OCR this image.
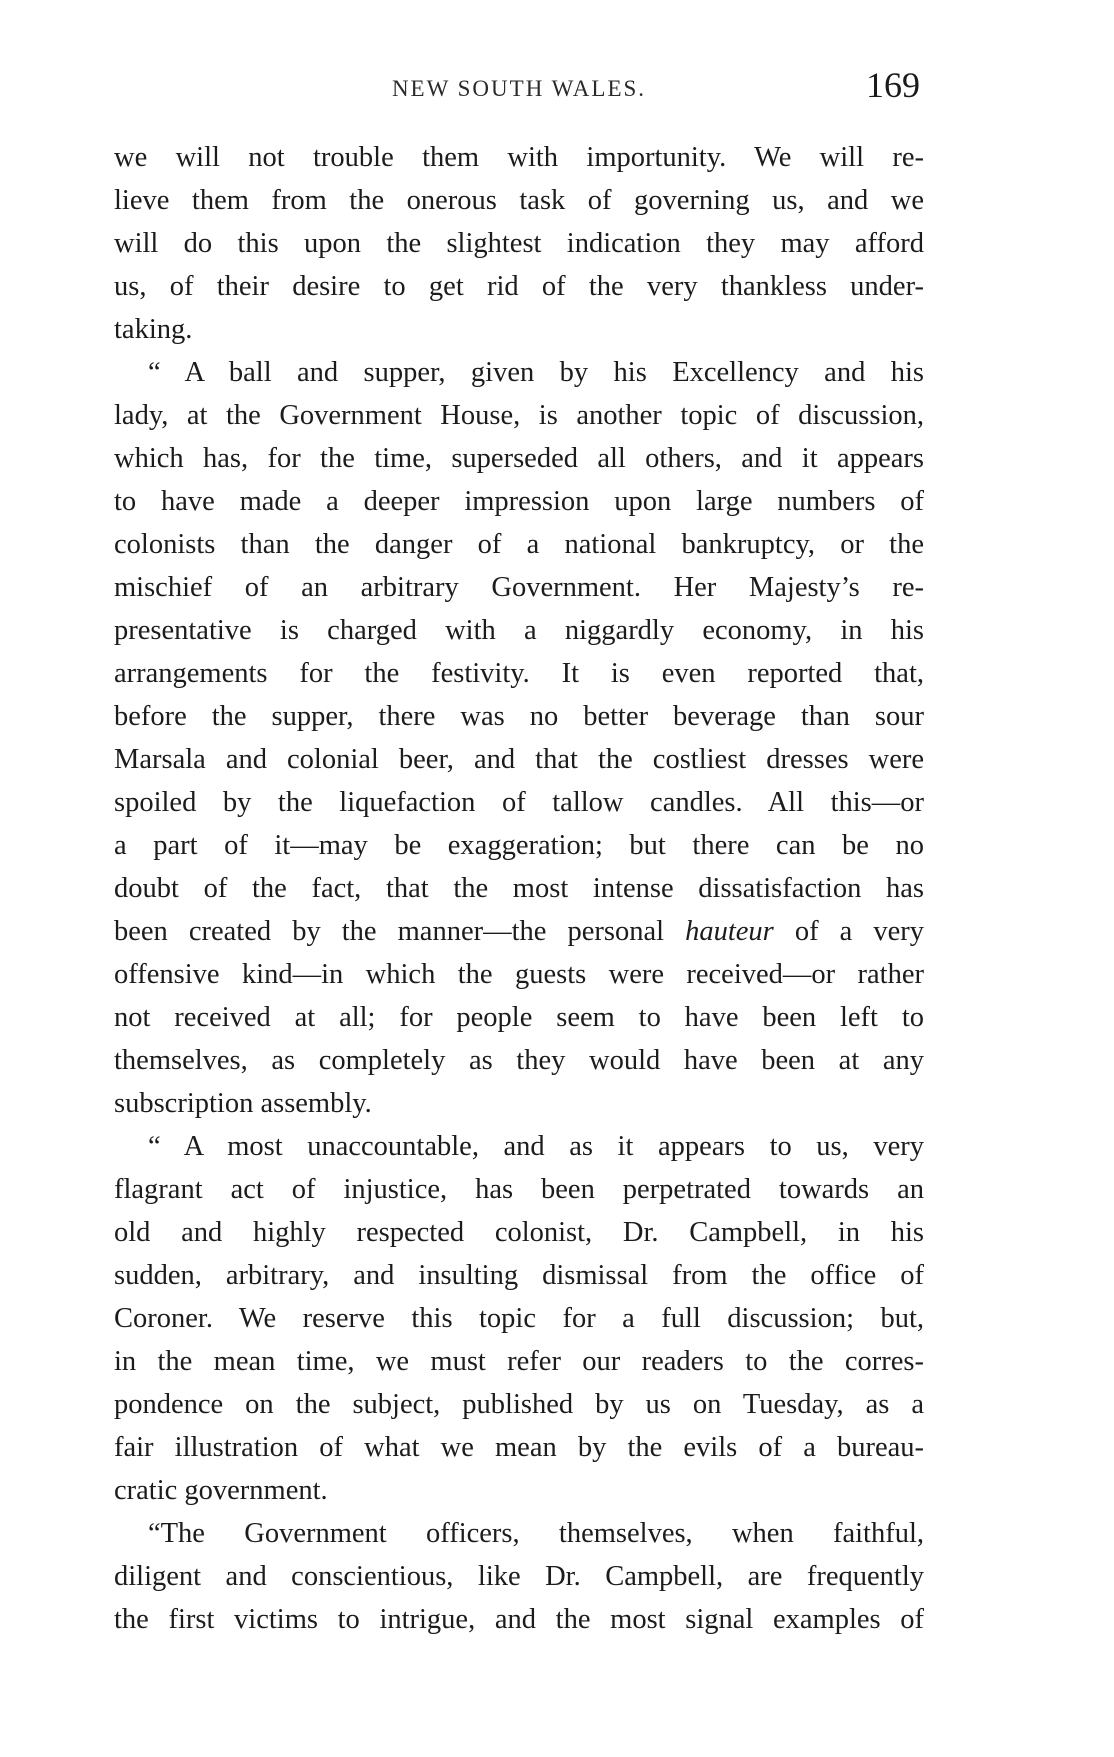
NEW SOUTH WALES.	169
we will not trouble them with importunity. We will re-
lieve them from the onerous task of governing us, and we
will do this upon the slightest indication they may afford
us, of their desire to get rid of the very thankless under-
taking.
“ A ball and supper, given by his Excellency and his
lady, at the Government House, is another topic of discussion,
which has, for the time, superseded all others, and it appears
to have made a deeper impression upon large numbers of
colonists than the danger of a national bankruptcy, or the
mischief of an arbitrary Government. Her Majesty’s re-
presentative is charged with a niggardly economy, in his
arrangements for the festivity. It is even reported that,
before the supper, there was no better beverage than sour
Marsala and colonial beer, and that the costliest dresses were
spoiled by the liquefaction of tallow candles. All this—or
a part of it—may be exaggeration; but there can be no
doubt of the fact, that the most intense dissatisfaction has
been created by the manner—the personal hauteur of a very
offensive kind—in which the guests were received—or rather
not received at all; for people seem to have been left to
themselves, as completely as they would have been at any
subscription assembly.
“ A most unaccountable, and as it appears to us, very
flagrant act of injustice, has been perpetrated towards an
old and highly respected colonist, Dr. Campbell, in his
sudden, arbitrary, and insulting dismissal from the office of
Coroner. We reserve this topic for a full discussion; but,
in the mean time, we must refer our readers to the corres-
pondence on the subject, published by us on Tuesday, as a
fair illustration of what we mean by the evils of a bureau-
cratic government.
“The Government officers, themselves, when faithful,
diligent and conscientious, like Dr. Campbell, are frequently
the first victims to intrigue, and the most signal examples of
